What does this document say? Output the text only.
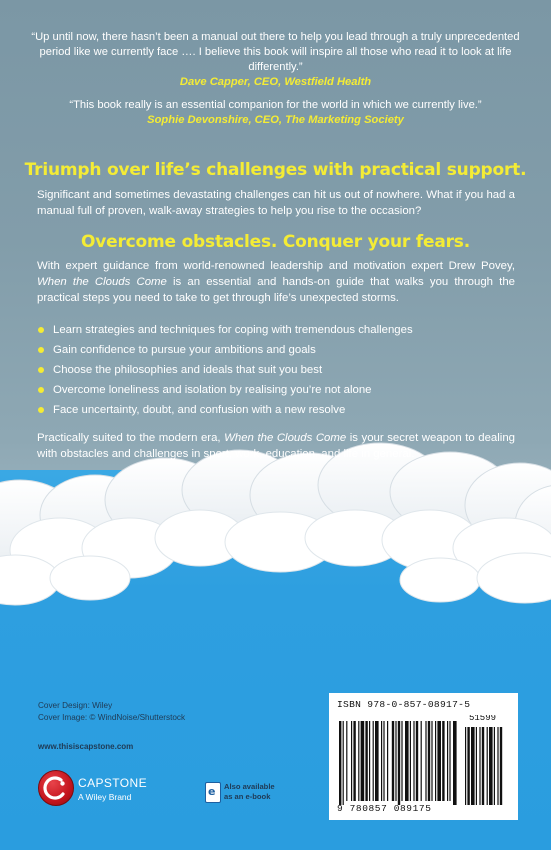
“Up until now, there hasn’t been a manual out there to help you lead through a truly unprecedented period like we currently face …. I believe this book will inspire all those who read it to look at life differently.”
Dave Capper, CEO, Westfield Health
“This book really is an essential companion for the world in which we currently live.”
Sophie Devonshire, CEO, The Marketing Society
Triumph over life’s challenges with practical support.
Significant and sometimes devastating challenges can hit us out of nowhere. What if you had a manual full of proven, walk-away strategies to help you rise to the occasion?
Overcome obstacles. Conquer your fears.
With expert guidance from world-renowned leadership and motivation expert Drew Povey, When the Clouds Come is an essential and hands-on guide that walks you through the practical steps you need to take to get through life’s unexpected storms.
Learn strategies and techniques for coping with tremendous challenges
Gain confidence to pursue your ambitions and goals
Choose the philosophies and ideals that suit you best
Overcome loneliness and isolation by realising you’re not alone
Face uncertainty, doubt, and confusion with a new resolve
Practically suited to the modern era, When the Clouds Come is your secret weapon to dealing with obstacles and challenges in sport, work, education, and life in general.
Cover Design: Wiley
Cover Image: © WindNoise/Shutterstock
www.thisiscapstone.com
CAPSTONE
A Wiley Brand	e Also available
as an e-book
ISBN 978-0-857-08917-5
51599
9 780857 089175
